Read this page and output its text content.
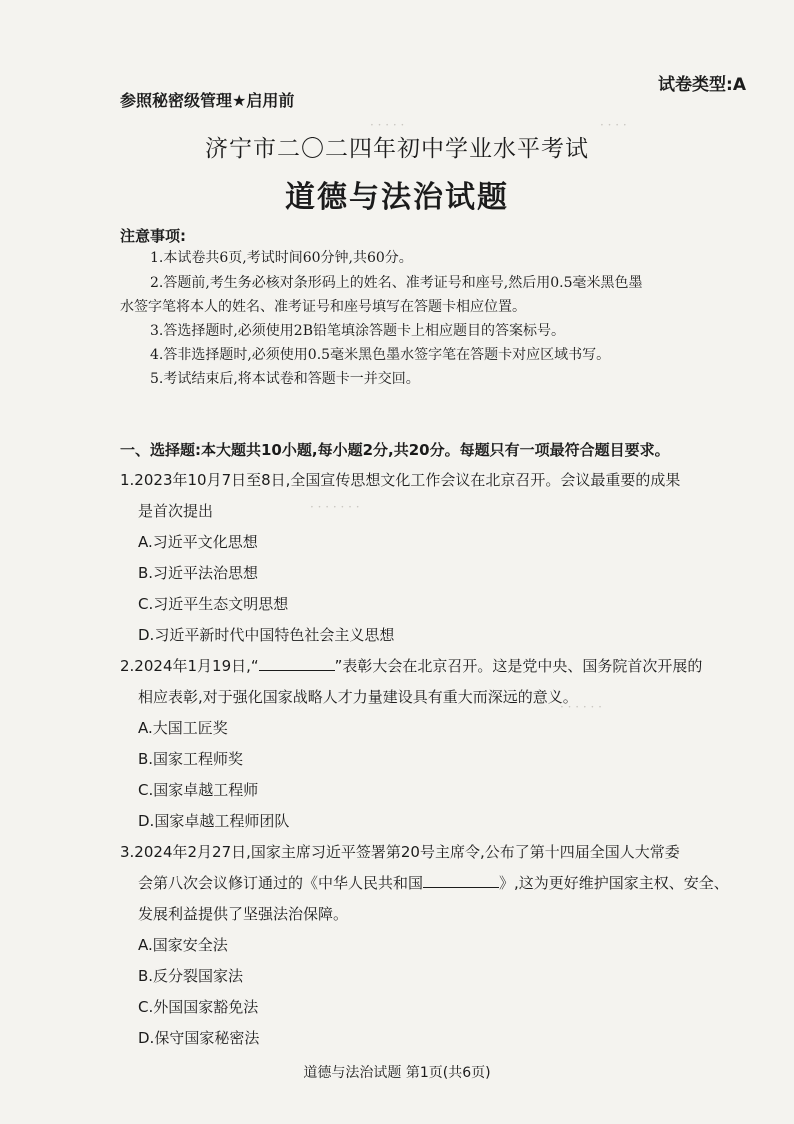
· · · · ·	· · · ·
· · · · · · ·
· · · · · ·
试卷类型:A
参照秘密级管理★启用前
济宁市二〇二四年初中学业水平考试
道德与法治试题
注意事项:
1.本试卷共6页,考试时间60分钟,共60分。
2.答题前,考生务必核对条形码上的姓名、准考证号和座号,然后用0.5毫米黑色墨
水签字笔将本人的姓名、准考证号和座号填写在答题卡相应位置。
3.答选择题时,必须使用2B铅笔填涂答题卡上相应题目的答案标号。
4.答非选择题时,必须使用0.5毫米黑色墨水签字笔在答题卡对应区域书写。
5.考试结束后,将本试卷和答题卡一并交回。
一、选择题:本大题共10小题,每小题2分,共20分。每题只有一项最符合题目要求。
1.2023年10月7日至8日,全国宣传思想文化工作会议在北京召开。会议最重要的成果
是首次提出
A.习近平文化思想
B.习近平法治思想
C.习近平生态文明思想
D.习近平新时代中国特色社会主义思想
2.2024年1月19日,“	”表彰大会在北京召开。这是党中央、国务院首次开展的
相应表彰,对于强化国家战略人才力量建设具有重大而深远的意义。
A.大国工匠奖
B.国家工程师奖
C.国家卓越工程师
D.国家卓越工程师团队
3.2024年2月27日,国家主席习近平签署第20号主席令,公布了第十四届全国人大常委
会第八次会议修订通过的《中华人民共和国	》,这为更好维护国家主权、安全、
发展利益提供了坚强法治保障。
A.国家安全法
B.反分裂国家法
C.外国国家豁免法
D.保守国家秘密法
道德与法治试题 第1页(共6页)
